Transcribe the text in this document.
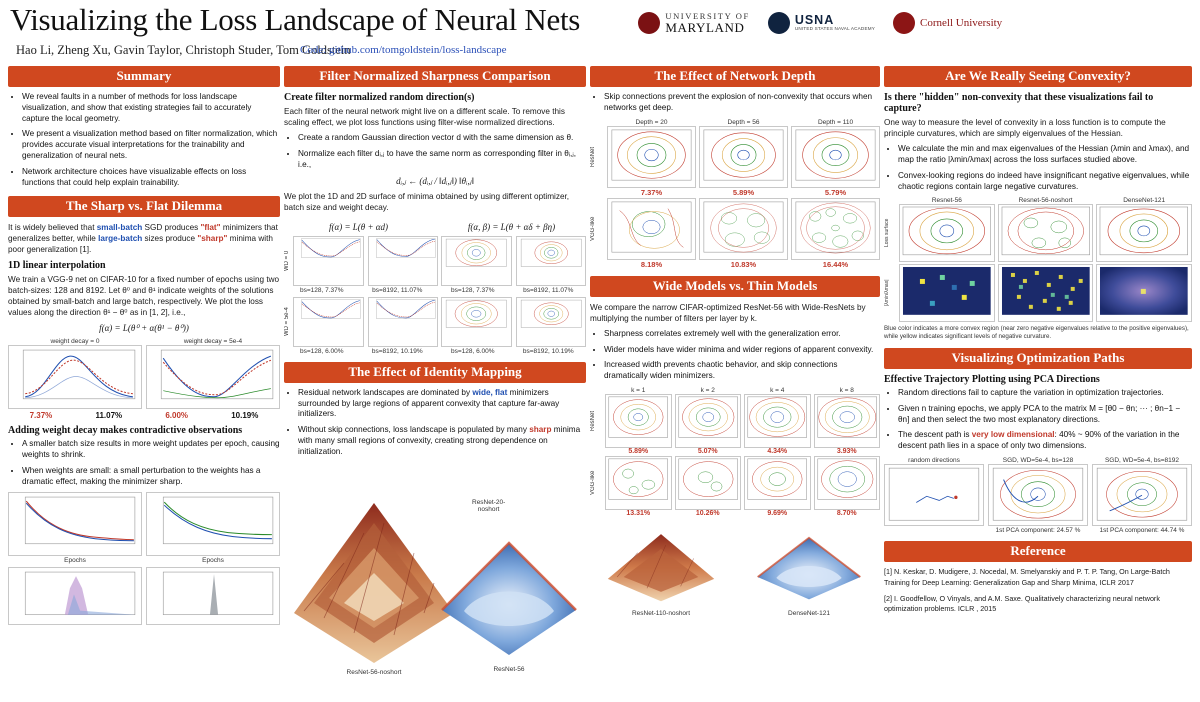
Visualizing the Loss Landscape of Neural Nets
Hao Li, Zheng Xu, Gavin Taylor, Christoph Studer, Tom Goldstein
Code: github.com/tomgoldstein/loss-landscape
UNIVERSITY OF
MARYLAND	USNA
UNITED STATES NAVAL ACADEMY
Cornell University
Summary
• We reveal faults in a number of methods for loss landscape visualization, and show that existing strategies fail to accurately capture the local geometry.
• We present a visualization method based on filter normalization, which provides accurate visual interpretations for the trainability and generalization of neural nets.
• Network architecture choices have visualizable effects on loss functions that could help explain trainability.
The Sharp vs. Flat Dilemma

It is widely believed that small-batch SGD produces "flat" minimizers that generalizes better, while large-batch sizes produce "sharp" minima with poor generalization [1].

1D linear interpolation

We train a VGG-9 net on CIFAR-10 for a fixed number of epochs using two batch-sizes: 128 and 8192. Let θ⁰ and θ¹ indicate weights of the solutions obtained by small-batch and large batch, respectively. We plot the loss values along the direction θ¹ − θ⁰ as in [1, 2], i.e.,

f(α) = L(θ⁰ + α(θ¹ − θ⁰))
weight decay = 0	weight decay = 5e-4
7.37%	11.07%	6.00%	10.19%
Adding weight decay makes contradictive observations
• A smaller batch size results in more weight updates per epoch, causing weights to shrink.
• When weights are small: a small perturbation to the weights has a dramatic effect, making the minimizer sharp.
Epochs	Epochs
Filter Normalized Sharpness Comparison
Create filter normalized random direction(s)

Each filter of the neural network might live on a different scale. To remove this scaling effect, we plot loss functions using filter-wise normalized directions.

• Create a random Gaussian direction vector d with the same dimension as θ.
• Normalize each filter dᵢ,ⱼ to have the same norm as corresponding filter in θᵢ,ⱼ, i.e.,
dᵢ,ⱼ ← (dᵢ,ⱼ / ‖dᵢ,ⱼ‖) ‖θᵢ,ⱼ‖

We plot the 1D and 2D surface of minima obtained by using different optimizer, batch size and weight decay.

f(α) = L(θ + αd)	f(α, β) = L(θ + αδ + βη)
WD = 0
bs=128, 7.37%	bs=8192, 11.07%	bs=128, 7.37%	bs=8192, 11.07%
WD = 5e-4
bs=128, 6.00%	bs=8192, 10.19%	bs=128, 6.00%	bs=8192, 10.19%
The Effect of Identity Mapping
• Residual network landscapes are dominated by wide, flat minimizers surrounded by large regions of apparent convexity that capture far-away initializers.
• Without skip connections, loss landscape is populated by many sharp minima with many small regions of convexity, creating strong dependence on initialization.
ResNet-56-noshort	ResNet-56
ResNet-20-
noshort
The Effect of Network Depth
• Skip connections prevent the explosion of non-convexity that occurs when networks get deep.
Depth = 20	Depth = 56	Depth = 110
ResNet
7.37%	5.89%	5.79%
VGG-like
8.18%	10.83%	16.44%
Wide Models vs. Thin Models

We compare the narrow CIFAR-optimized ResNet-56 with Wide-ResNets by multiplying the number of filters per layer by k.

• Sharpness correlates extremely well with the generalization error.
• Wider models have wider minima and wider regions of apparent convexity.
• Increased width prevents chaotic behavior, and skip connections dramatically widen minimizers.
k = 1	k = 2	k = 4	k = 8
ResNet
5.89%	5.07%	4.34%	3.93%
VGG-like
13.31%	10.26%	9.69%	8.70%
ResNet-110-noshort	DenseNet-121
Are We Really Seeing Convexity?
Is there "hidden" non-convexity that these visualizations fail to capture?

One way to measure the level of convexity in a loss function is to compute the principle curvatures, which are simply eigenvalues of the Hessian.

• We calculate the min and max eigenvalues of the Hessian (λmin and λmax), and map the ratio |λmin/λmax| across the loss surfaces studied above.
• Convex-looking regions do indeed have insignificant negative eigenvalues, while chaotic regions contain large negative curvatures.
Resnet-56	Resnet-56-noshort	DenseNet-121
Loss surface
|λmin/λmax|
Blue color indicates a more convex region (near zero negative eigenvalues relative to the positive eigenvalues), while yellow indicates significant levels of negative curvature.
Visualizing Optimization Paths
Effective Trajectory Plotting using PCA Directions
• Random directions fail to capture the variation in optimization trajectories.
• Given n training epochs, we apply PCA to the matrix M = [θ0 − θn; ··· ; θn−1 − θn] and then select the two most explanatory directions.
• The descent path is very low dimensional: 40% ~ 90% of the variation in the descent path lies in a space of only two dimensions.
random directions	SGD, WD=5e-4, bs=128	SGD, WD=5e-4, bs=8192
1st PCA component: 24.57 %	1st PCA component: 44.74 %
Reference
[1] N. Keskar, D. Mudigere, J. Nocedal, M. Smelyanskiy and P. T. P. Tang, On Large-Batch Training for Deep Learning: Generalization Gap and Sharp Minima, ICLR 2017
[2] I. Goodfellow, O Vinyals, and A.M. Saxe. Qualitatively characterizing neural network optimization problems. ICLR , 2015
